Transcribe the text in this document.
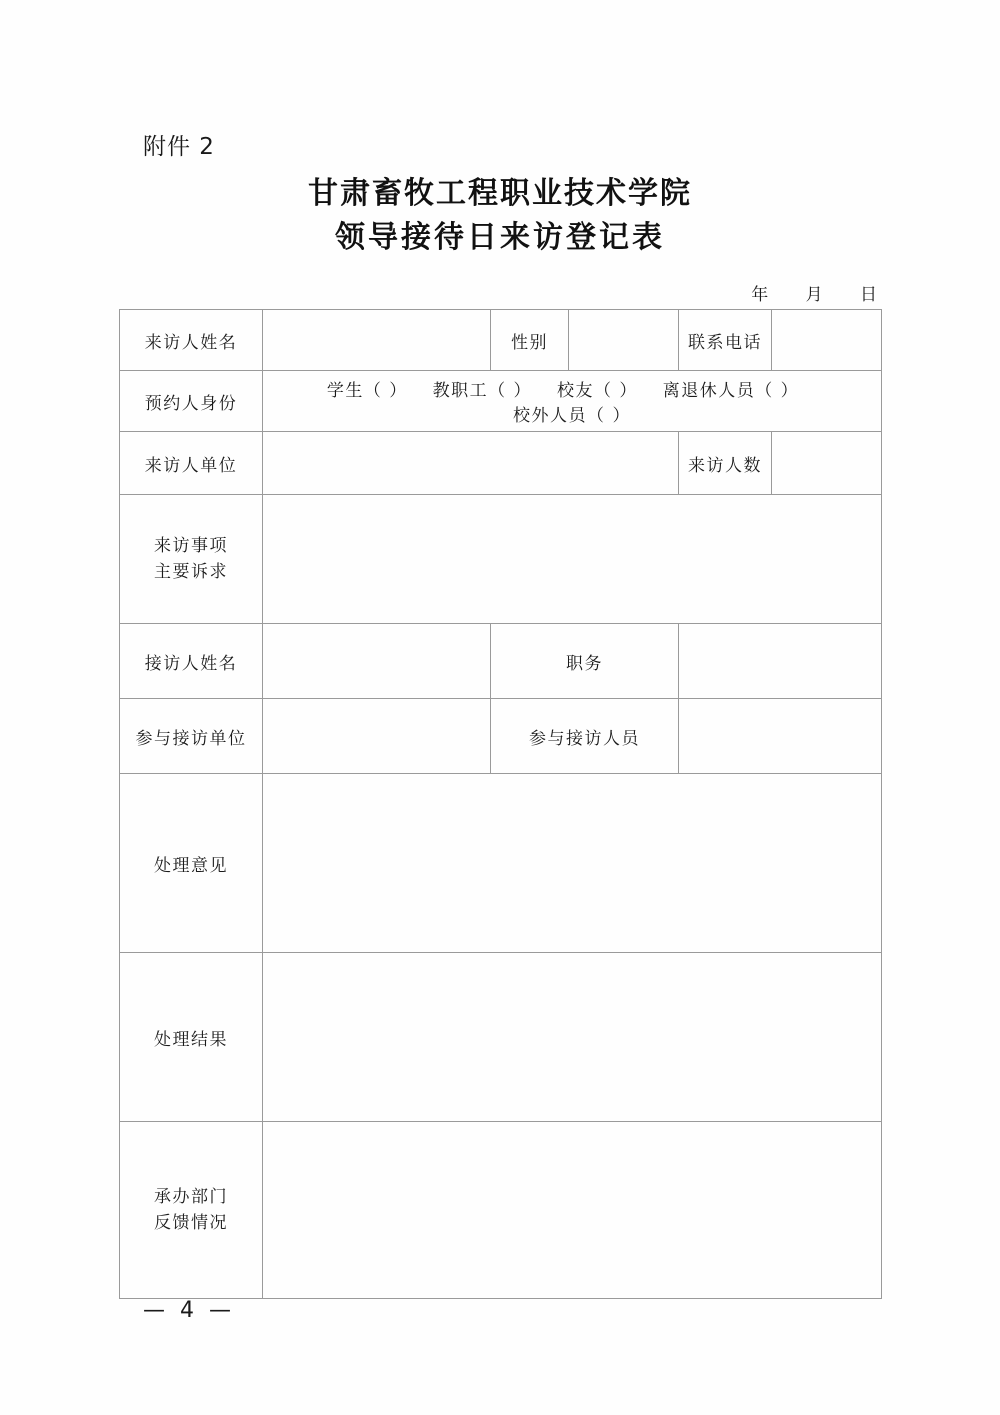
附件 2
甘肃畜牧工程职业技术学院
领导接待日来访登记表
年 月 日
来访人姓名		性别		联系电话	
预约人身份	学生（ ） 教职工（ ） 校友（ ） 离退休人员（ ） 校外人员（ ）				
来访人单位				来访人数	

来访事项
主要诉求					

接访人姓名		职务			
参与接访单位		参与接访人员			
处理意见					
处理结果					

承办部门
反馈情况					

— 4 —
